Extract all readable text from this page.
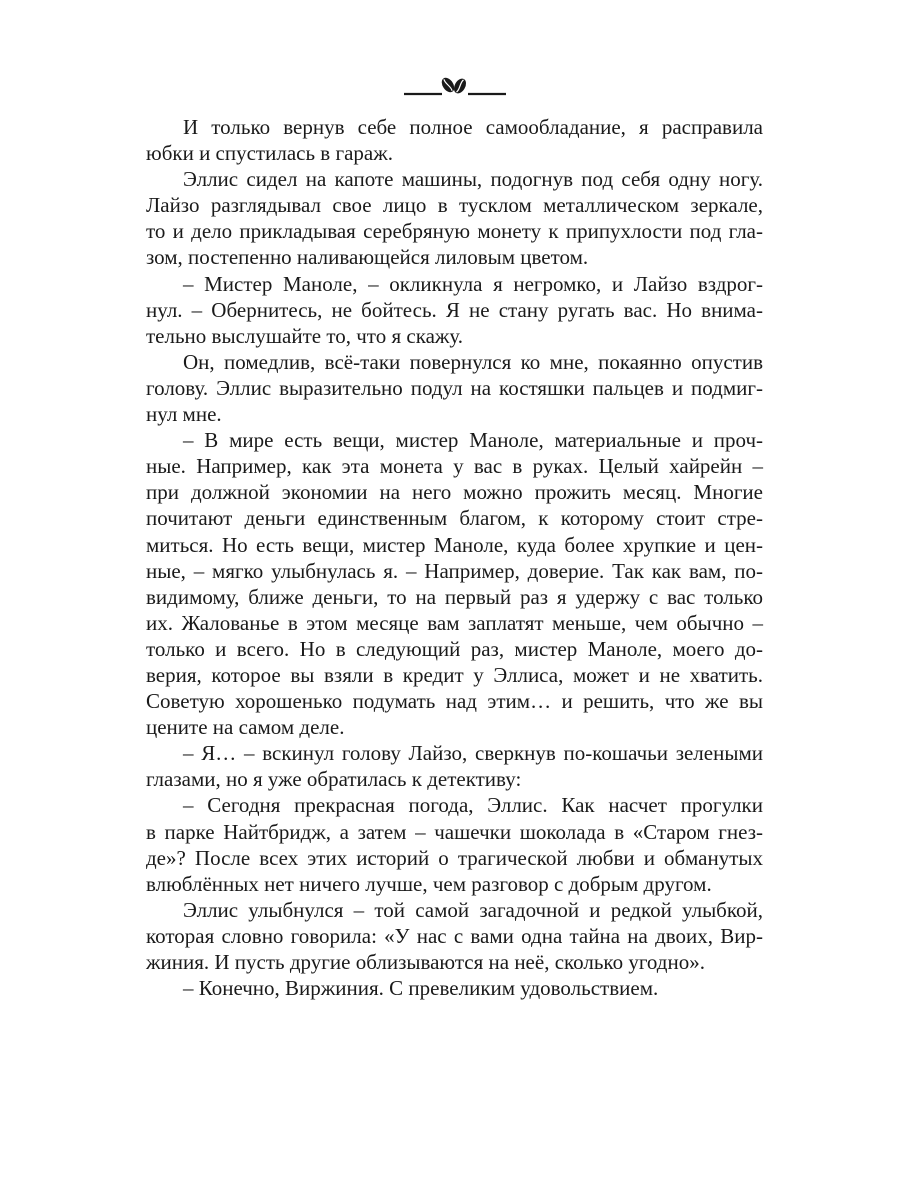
И только вернув себе полное самообладание, я расправила
юбки и спустилась в гараж.
Эллис сидел на капоте машины, подогнув под себя одну ногу.
Лайзо разглядывал свое лицо в тусклом металлическом зеркале,
то и дело прикладывая серебряную монету к припухлости под гла-
зом, постепенно наливающейся лиловым цветом.
– Мистер Маноле, – окликнула я негромко, и Лайзо вздрог-
нул. – Обернитесь, не бойтесь. Я не стану ругать вас. Но внима-
тельно выслушайте то, что я скажу.
Он, помедлив, всё-таки повернулся ко мне, покаянно опустив
голову. Эллис выразительно подул на костяшки пальцев и подмиг-
нул мне.
– В мире есть вещи, мистер Маноле, материальные и проч-
ные. Например, как эта монета у вас в руках. Целый хайрейн –
при должной экономии на него можно прожить месяц. Многие
почитают деньги единственным благом, к которому стоит стре-
миться. Но есть вещи, мистер Маноле, куда более хрупкие и цен-
ные, – мягко улыбнулась я. – Например, доверие. Так как вам, по-
видимому, ближе деньги, то на первый раз я удержу с вас только
их. Жалованье в этом месяце вам заплатят меньше, чем обычно –
только и всего. Но в следующий раз, мистер Маноле, моего до-
верия, которое вы взяли в кредит у Эллиса, может и не хватить.
Советую хорошенько подумать над этим… и решить, что же вы
цените на самом деле.
– Я… – вскинул голову Лайзо, сверкнув по-кошачьи зелеными
глазами, но я уже обратилась к детективу:
– Сегодня прекрасная погода, Эллис. Как насчет прогулки
в парке Найтбридж, а затем – чашечки шоколада в «Старом гнез-
де»? После всех этих историй о трагической любви и обманутых
влюблённых нет ничего лучше, чем разговор с добрым другом.
Эллис улыбнулся – той самой загадочной и редкой улыбкой,
которая словно говорила: «У нас с вами одна тайна на двоих, Вир-
жиния. И пусть другие облизываются на неё, сколько угодно».
– Конечно, Виржиния. С превеликим удовольствием.
